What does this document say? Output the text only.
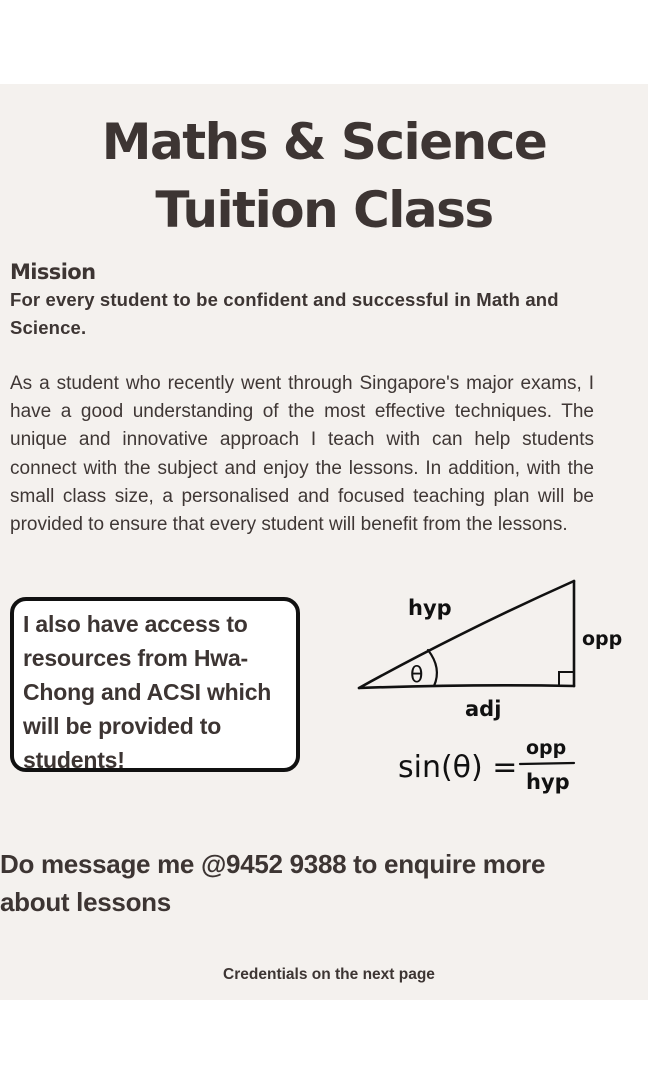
Maths & Science
Tuition Class
Mission

For every student to be confident and successful in Math and Science.

As a student who recently went through Singapore's major exams, I have a good understanding of the most effective techniques. The unique and innovative approach I teach with can help students connect with the subject and enjoy the lessons. In addition, with the small class size, a personalised and focused teaching plan will be provided to ensure that every student will benefit from the lessons.

I also have access to resources from Hwa-Chong and ACSI which will be provided to students!

θ
hyp
opp
adj
sin(θ) =
opp
hyp

Do message me @9452 9388 to enquire more about lessons

Credentials on the next page
